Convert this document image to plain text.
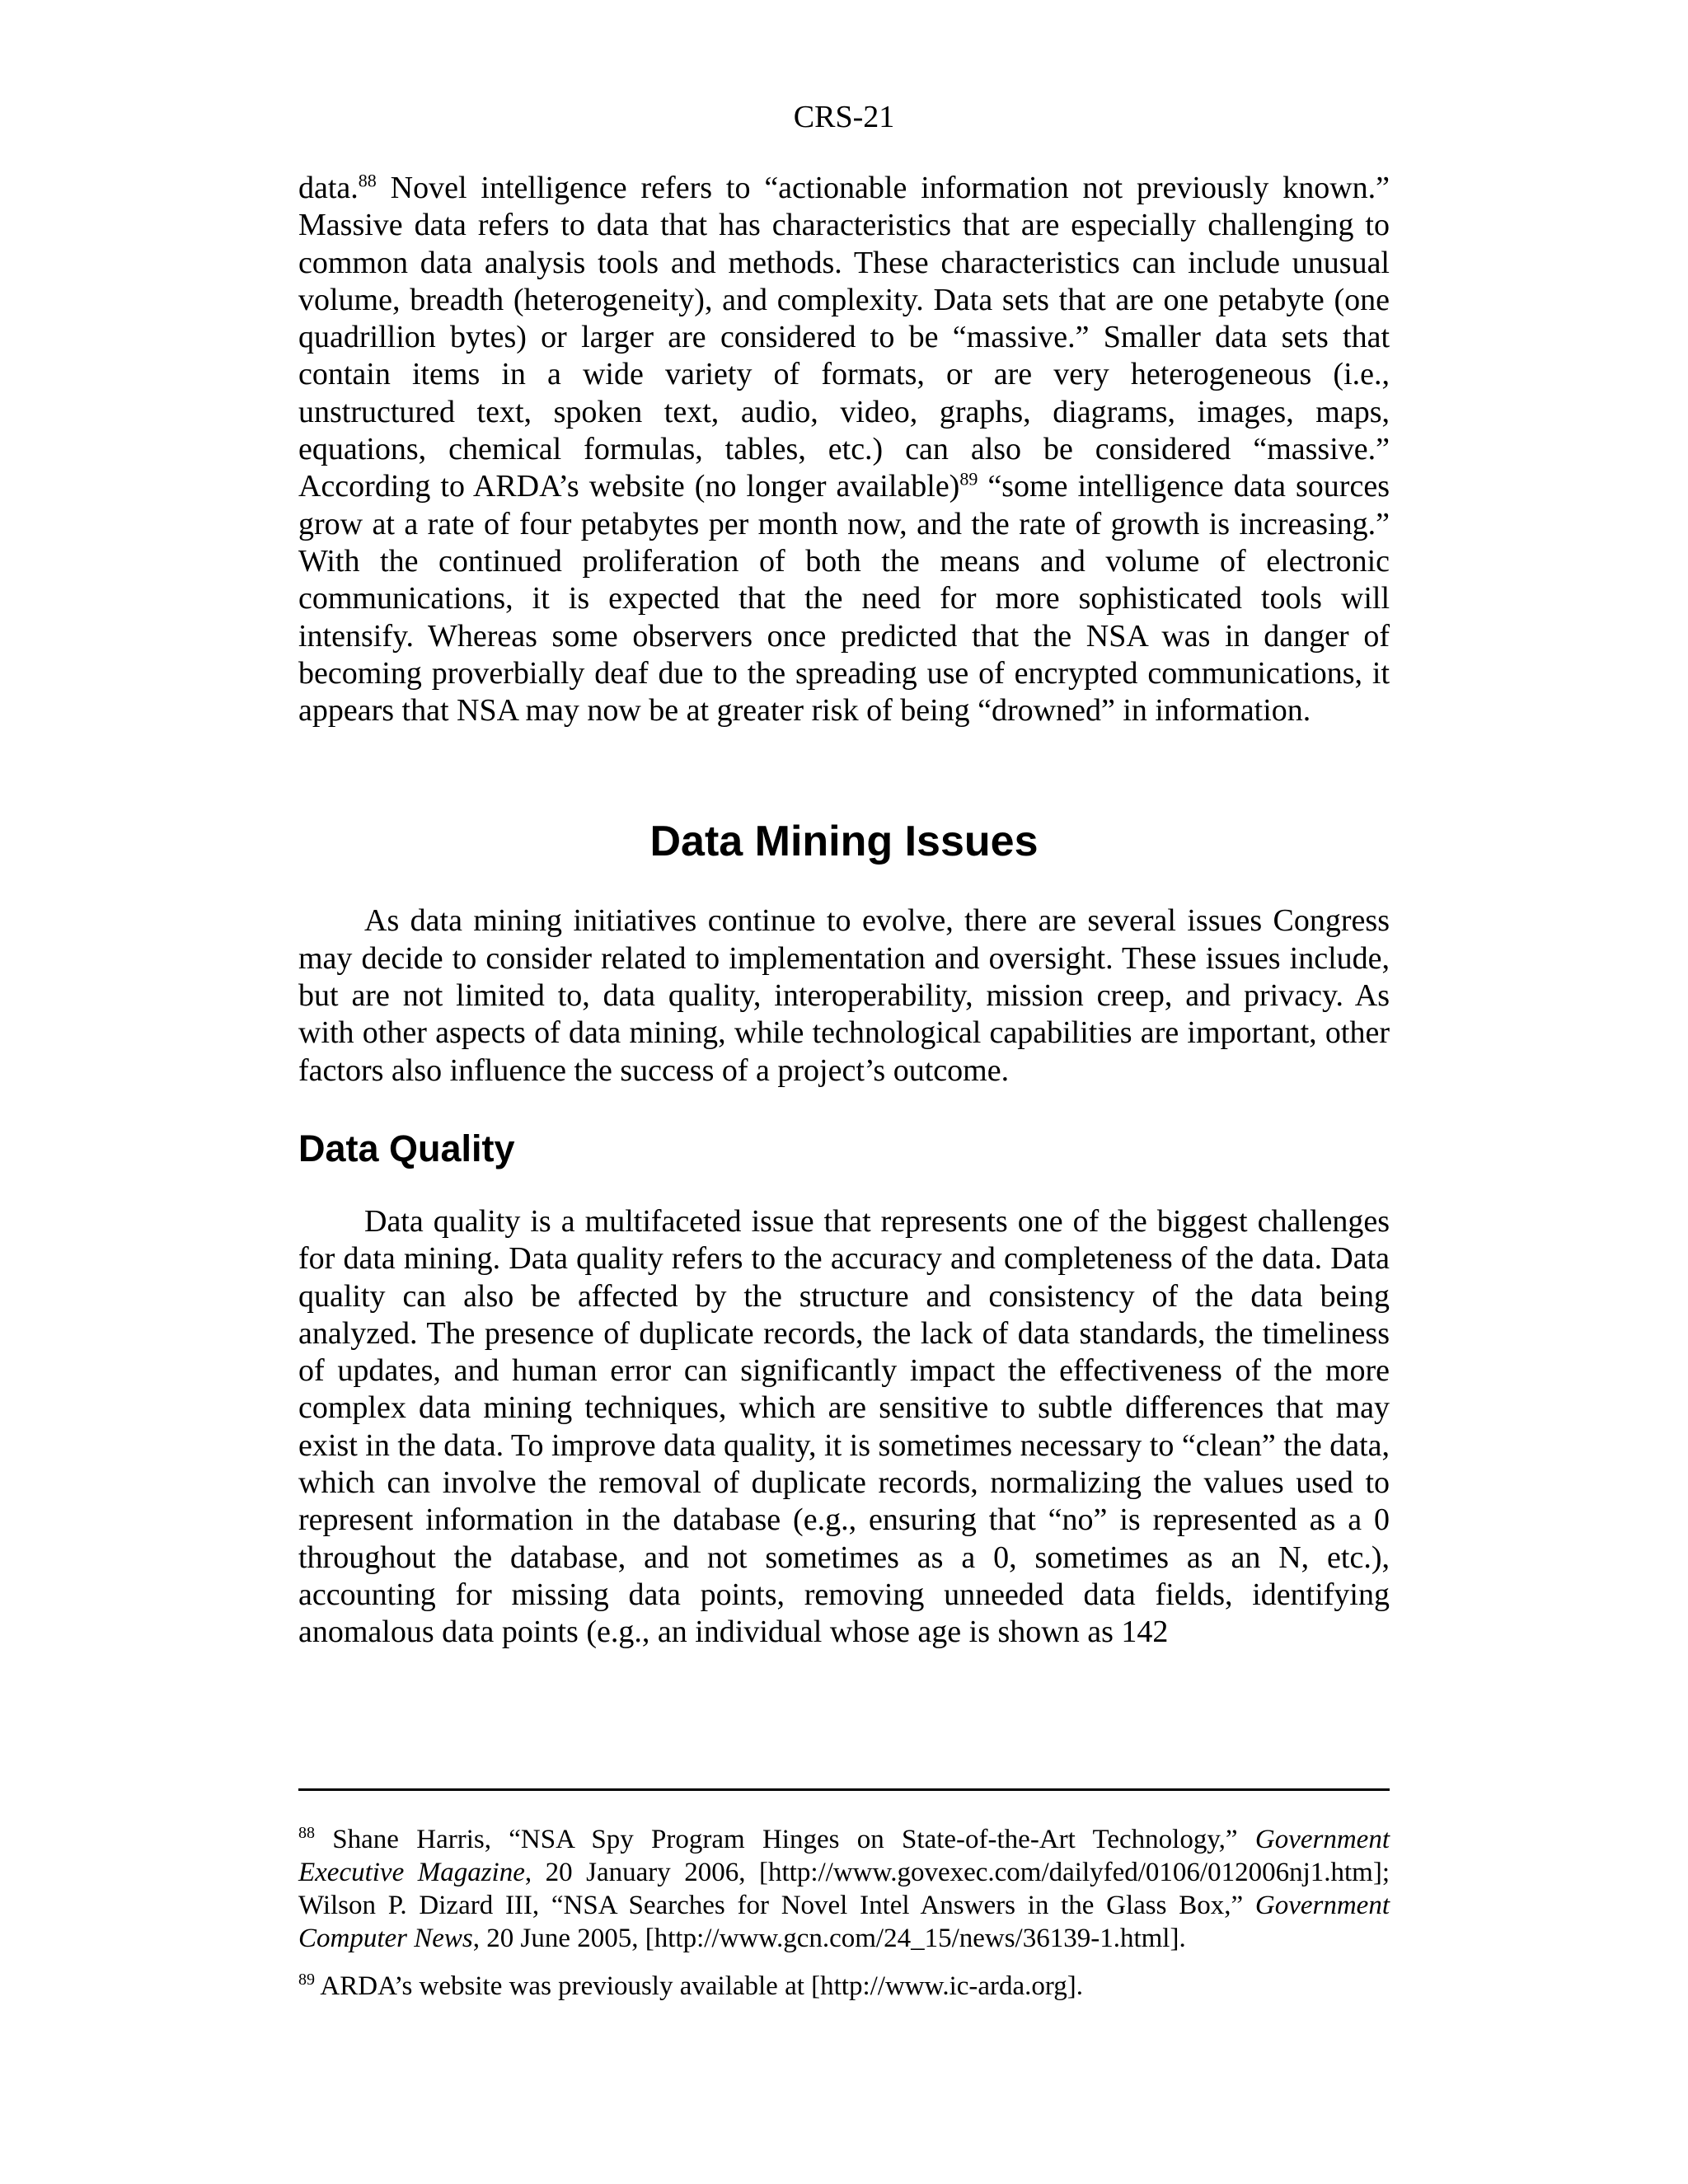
CRS-21

data.$^{88}$ Novel intelligence refers to “actionable information not previously known.” Massive data refers to data that has characteristics that are especially challenging to common data analysis tools and methods. These characteristics can include unusual volume, breadth (heterogeneity), and complexity. Data sets that are one petabyte (one quadrillion bytes) or larger are considered to be “massive.” Smaller data sets that contain items in a wide variety of formats, or are very heterogeneous (i.e., unstructured text, spoken text, audio, video, graphs, diagrams, images, maps, equations, chemical formulas, tables, etc.) can also be considered “massive.” According to ARDA’s website (no longer available)$^{89}$ “some intelligence data sources grow at a rate of four petabytes per month now, and the rate of growth is increasing.” With the continued proliferation of both the means and volume of electronic communications, it is expected that the need for more sophisticated tools will intensify. Whereas some observers once predicted that the NSA was in danger of becoming proverbially deaf due to the spreading use of encrypted communications, it appears that NSA may now be at greater risk of being “drowned” in information.

Data Mining Issues

As data mining initiatives continue to evolve, there are several issues Congress may decide to consider related to implementation and oversight. These issues include, but are not limited to, data quality, interoperability, mission creep, and privacy. As with other aspects of data mining, while technological capabilities are important, other factors also influence the success of a project’s outcome.

Data Quality

Data quality is a multifaceted issue that represents one of the biggest challenges for data mining. Data quality refers to the accuracy and completeness of the data. Data quality can also be affected by the structure and consistency of the data being analyzed. The presence of duplicate records, the lack of data standards, the timeliness of updates, and human error can significantly impact the effectiveness of the more complex data mining techniques, which are sensitive to subtle differences that may exist in the data. To improve data quality, it is sometimes necessary to “clean” the data, which can involve the removal of duplicate records, normalizing the values used to represent information in the database (e.g., ensuring that “no” is represented as a 0 throughout the database, and not sometimes as a 0, sometimes as an N, etc.), accounting for missing data points, removing unneeded data fields, identifying anomalous data points (e.g., an individual whose age is shown as 142

$^{88}$ Shane Harris, “NSA Spy Program Hinges on State-of-the-Art Technology,” Government Executive Magazine, 20 January 2006, [http://www.govexec.com/dailyfed/0106/012006nj1.htm]; Wilson P. Dizard III, “NSA Searches for Novel Intel Answers in the Glass Box,” Government Computer News, 20 June 2005, [http://www.gcn.com/24_15/news/36139-1.html].

$^{89}$ ARDA’s website was previously available at [http://www.ic-arda.org].
